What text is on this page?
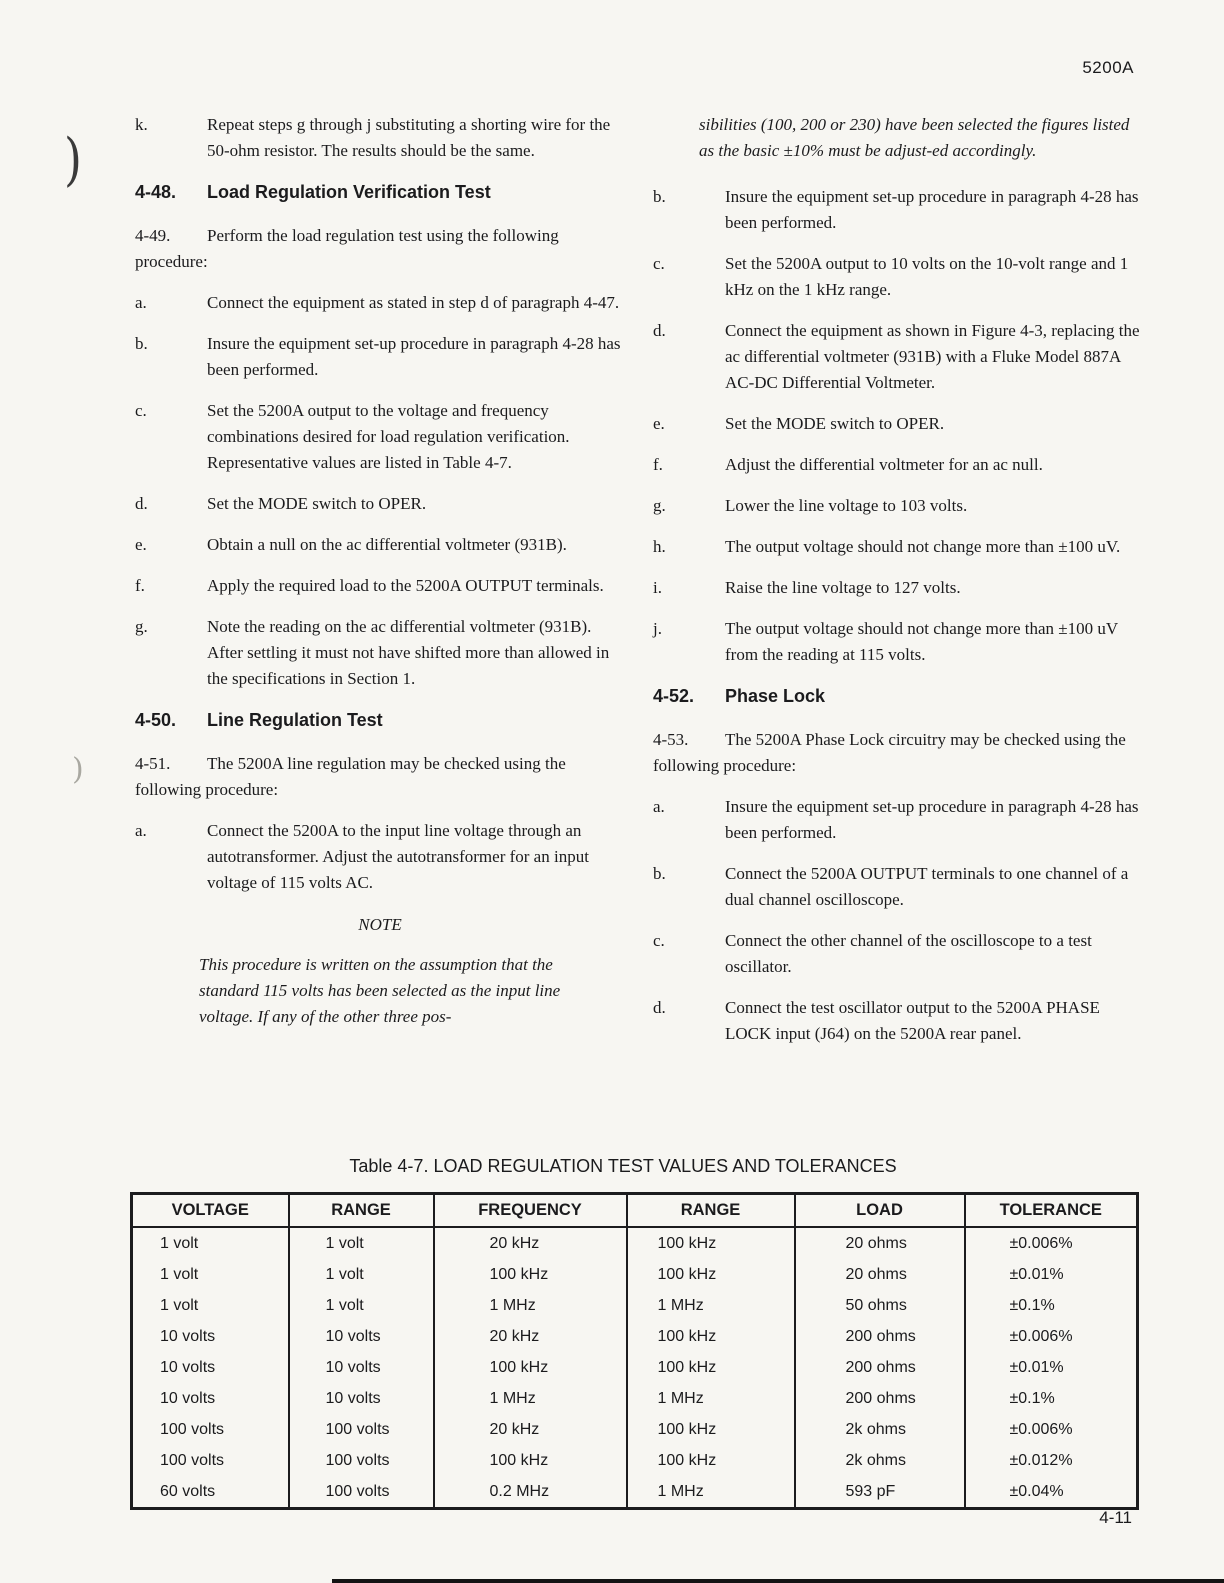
5200A
)
)
k.	Repeat steps g through j substituting a shorting wire for the 50-ohm resistor. The results should be the same.
4-48. Load Regulation Verification Test
4-49. Perform the load regulation test using the following procedure:
a.	Connect the equipment as stated in step d of paragraph 4-47.
b.	Insure the equipment set-up procedure in paragraph 4-28 has been performed.
c.	Set the 5200A output to the voltage and frequency combinations desired for load regulation verification. Representative values are listed in Table 4-7.
d.	Set the MODE switch to OPER.
e.	Obtain a null on the ac differential voltmeter (931B).
f.	Apply the required load to the 5200A OUTPUT terminals.
g.	Note the reading on the ac differential voltmeter (931B). After settling it must not have shifted more than allowed in the specifications in Section 1.
4-50. Line Regulation Test
4-51. The 5200A line regulation may be checked using the following procedure:
a.	Connect the 5200A to the input line voltage through an autotransformer. Adjust the autotransformer for an input voltage of 115 volts AC.
NOTE
This procedure is written on the assumption that the standard 115 volts has been selected as the input line voltage. If any of the other three pos-
sibilities (100, 200 or 230) have been selected the figures listed as the basic ±10% must be adjust-ed accordingly.
b.	Insure the equipment set-up procedure in paragraph 4-28 has been performed.
c.	Set the 5200A output to 10 volts on the 10-volt range and 1 kHz on the 1 kHz range.
d.	Connect the equipment as shown in Figure 4-3, replacing the ac differential voltmeter (931B) with a Fluke Model 887A AC-DC Differential Voltmeter.
e.	Set the MODE switch to OPER.
f.	Adjust the differential voltmeter for an ac null.
g.	Lower the line voltage to 103 volts.
h.	The output voltage should not change more than ±100 uV.
i.	Raise the line voltage to 127 volts.
j.	The output voltage should not change more than ±100 uV from the reading at 115 volts.
4-52. Phase Lock
4-53. The 5200A Phase Lock circuitry may be checked using the following procedure:
a.	Insure the equipment set-up procedure in paragraph 4-28 has been performed.
b.	Connect the 5200A OUTPUT terminals to one channel of a dual channel oscilloscope.
c.	Connect the other channel of the oscilloscope to a test oscillator.
d.	Connect the test oscillator output to the 5200A PHASE LOCK input (J64) on the 5200A rear panel.
Table 4-7. LOAD REGULATION TEST VALUES AND TOLERANCES
VOLTAGE	RANGE	FREQUENCY	RANGE	LOAD	TOLERANCE
1 volt	1 volt	20 kHz	100 kHz	20 ohms	±0.006%
1 volt	1 volt	100 kHz	100 kHz	20 ohms	±0.01%
1 volt	1 volt	1 MHz	1 MHz	50 ohms	±0.1%
10 volts	10 volts	20 kHz	100 kHz	200 ohms	±0.006%
10 volts	10 volts	100 kHz	100 kHz	200 ohms	±0.01%
10 volts	10 volts	1 MHz	1 MHz	200 ohms	±0.1%
100 volts	100 volts	20 kHz	100 kHz	2k ohms	±0.006%
100 volts	100 volts	100 kHz	100 kHz	2k ohms	±0.012%
60 volts	100 volts	0.2 MHz	1 MHz	593 pF	±0.04%
4-11
